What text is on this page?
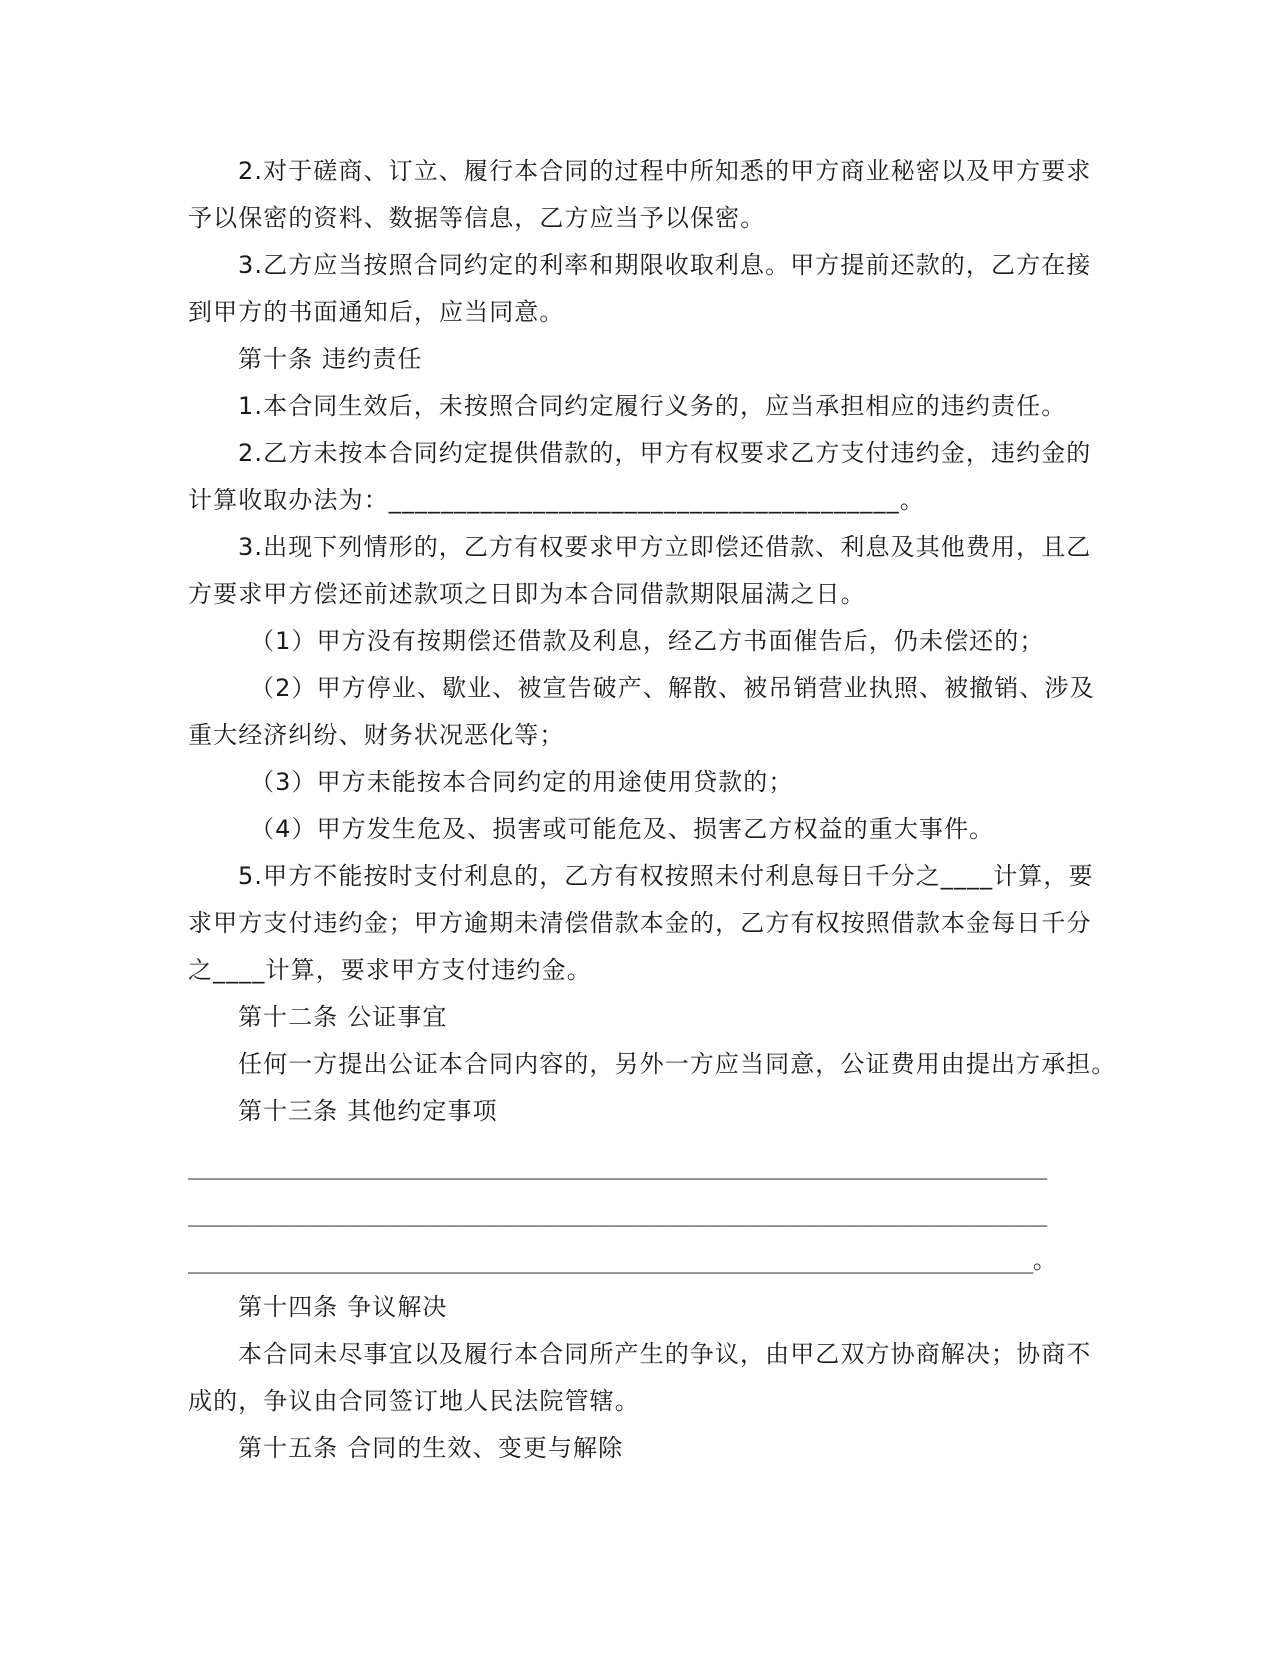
2.对于磋商、订立、履行本合同的过程中所知悉的甲方商业秘密以及甲方要求

予以保密的资料、数据等信息，乙方应当予以保密。

3.乙方应当按照合同约定的利率和期限收取利息。甲方提前还款的，乙方在接

到甲方的书面通知后，应当同意。

第十条 违约责任

1.本合同生效后，未按照合同约定履行义务的，应当承担相应的违约责任。

2.乙方未按本合同约定提供借款的，甲方有权要求乙方支付违约金，违约金的

计算收取办法为：_______________________________________。

3.出现下列情形的，乙方有权要求甲方立即偿还借款、利息及其他费用，且乙

方要求甲方偿还前述款项之日即为本合同借款期限届满之日。

（1）甲方没有按期偿还借款及利息，经乙方书面催告后，仍未偿还的；

（2）甲方停业、歇业、被宣告破产、解散、被吊销营业执照、被撤销、涉及

重大经济纠纷、财务状况恶化等；

（3）甲方未能按本合同约定的用途使用贷款的；

（4）甲方发生危及、损害或可能危及、损害乙方权益的重大事件。

5.甲方不能按时支付利息的，乙方有权按照未付利息每日千分之____计算，要

求甲方支付违约金；甲方逾期未清偿借款本金的，乙方有权按照借款本金每日千分

之____计算，要求甲方支付违约金。

第十二条 公证事宜

任何一方提出公证本合同内容的，另外一方应当同意，公证费用由提出方承担。

第十三条 其他约定事项

______________________________________________________________

______________________________________________________________

_____________________________________________________________。

第十四条 争议解决

本合同未尽事宜以及履行本合同所产生的争议，由甲乙双方协商解决；协商不

成的，争议由合同签订地人民法院管辖。

第十五条 合同的生效、变更与解除
